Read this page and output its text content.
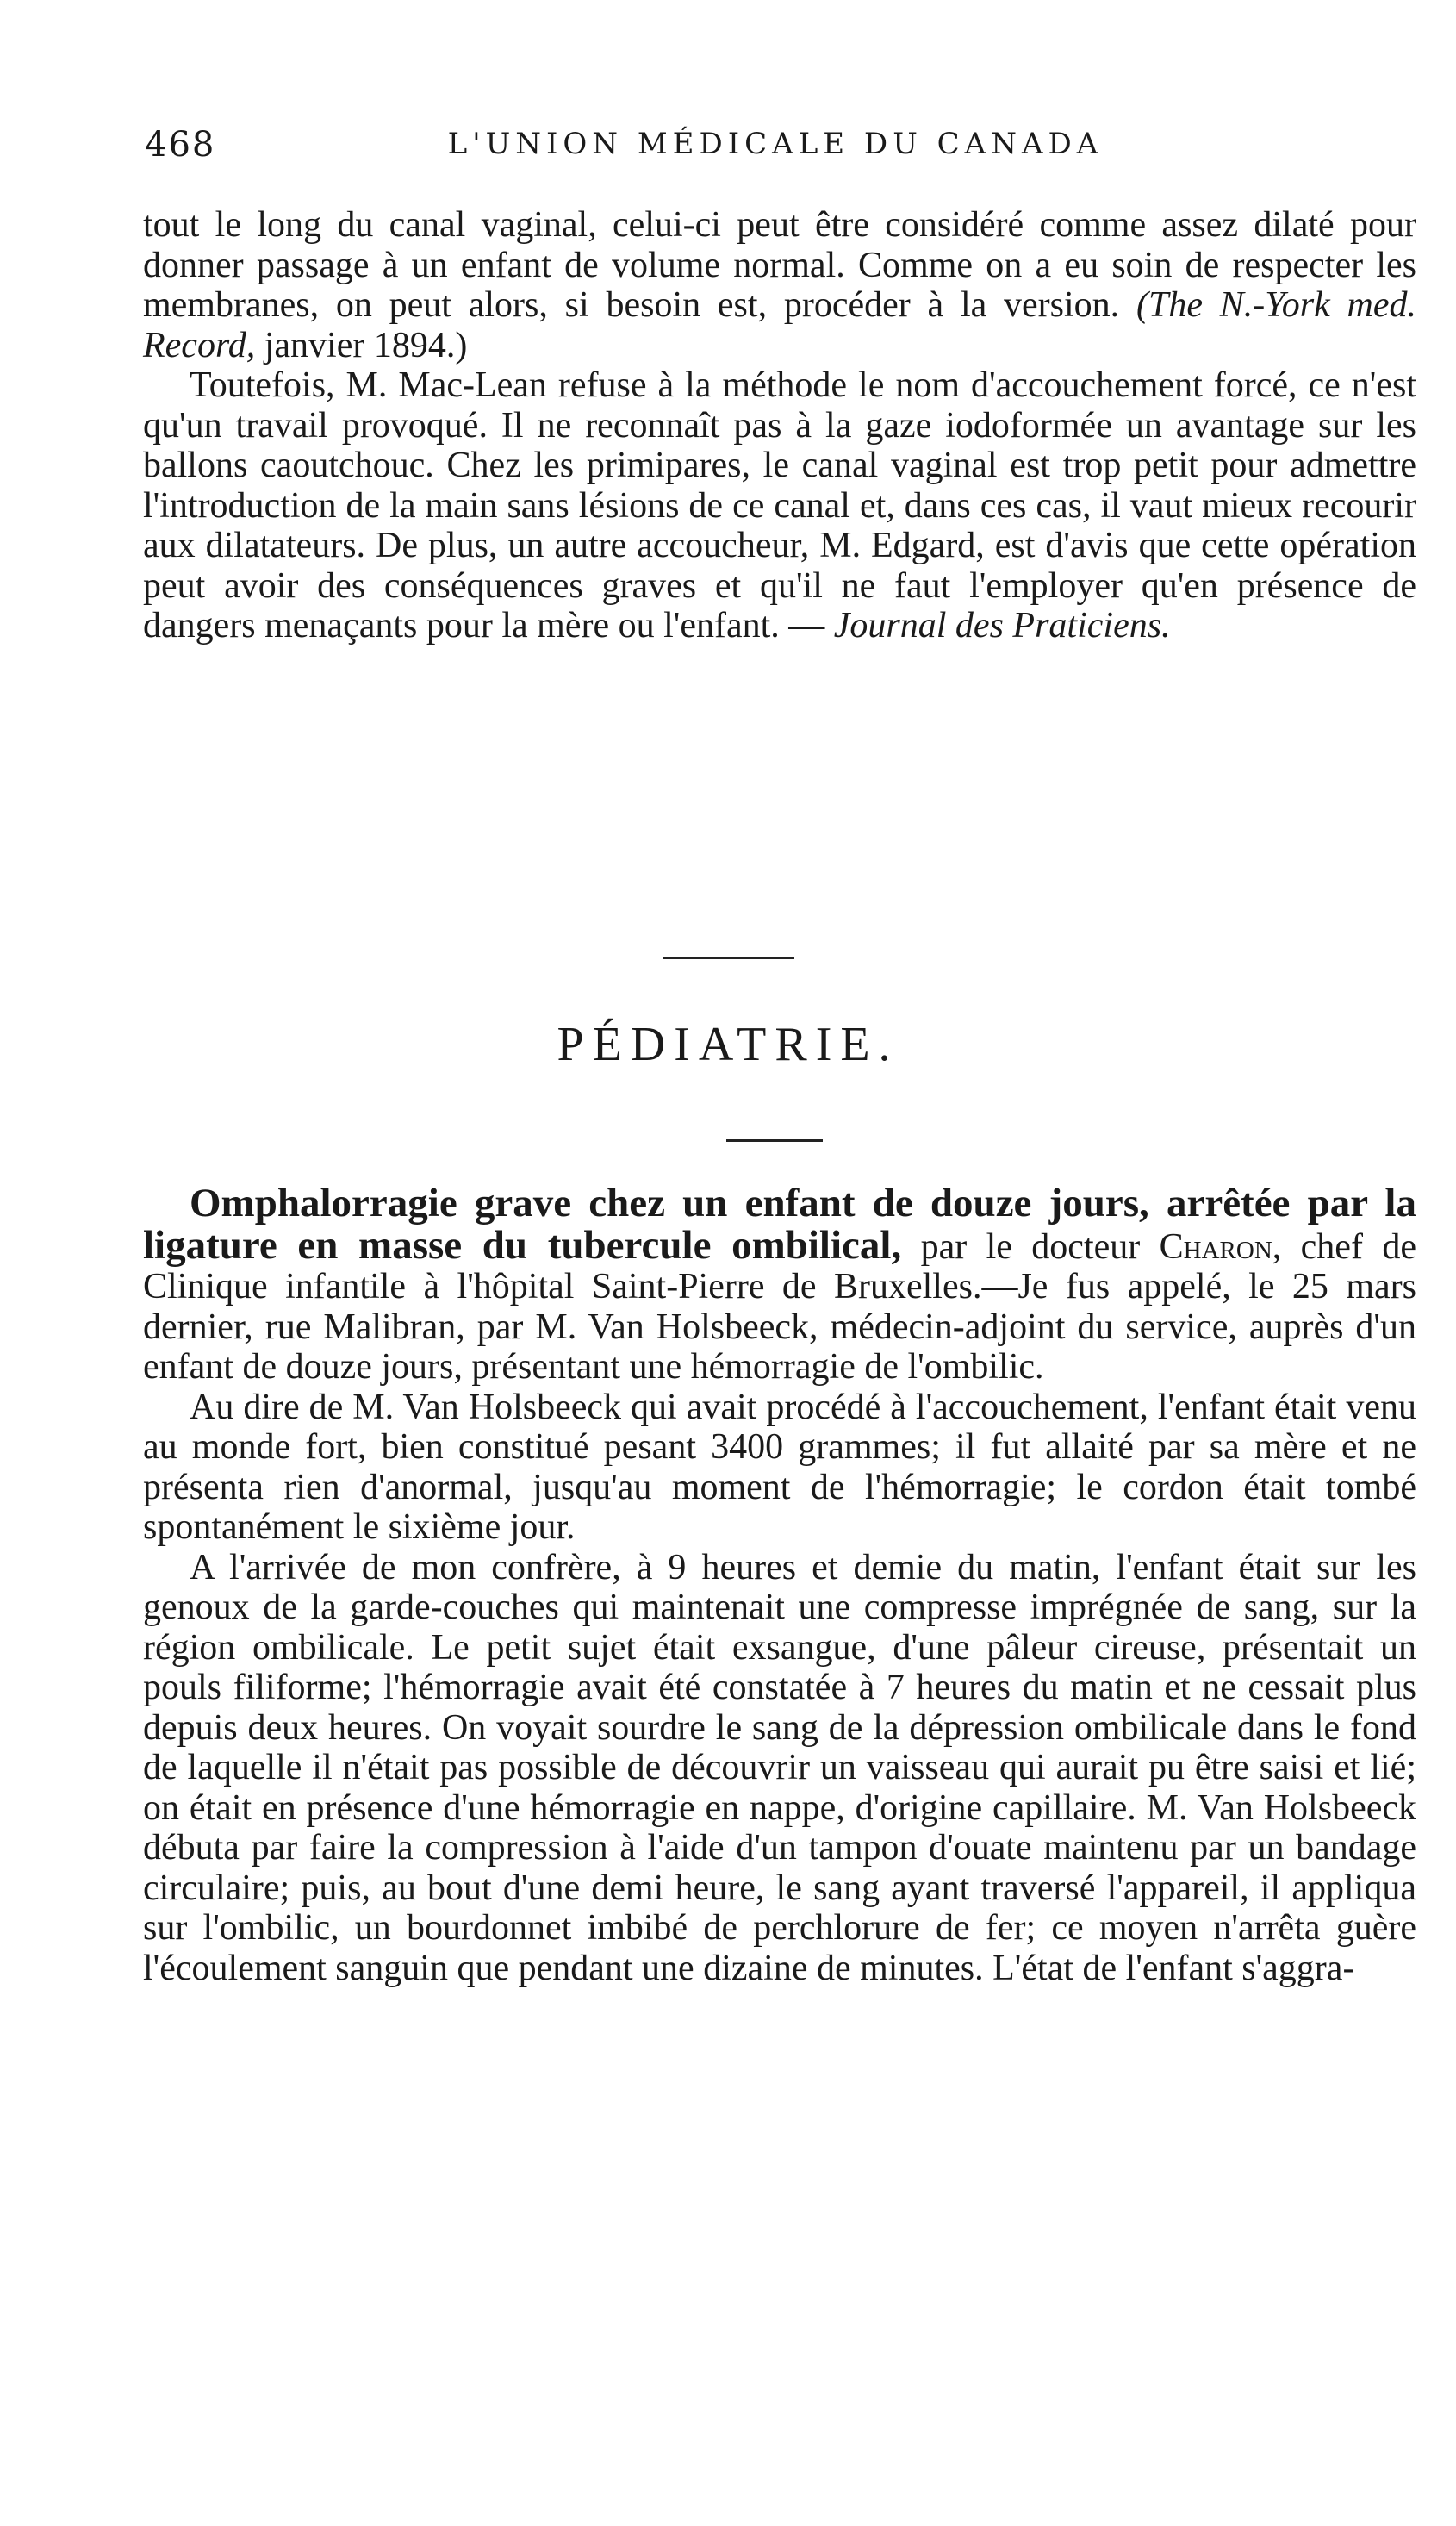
468	L'UNION MÉDICALE DU CANADA

tout le long du canal vaginal, celui-ci peut être considéré comme assez dilaté pour donner passage à un enfant de volume normal. Comme on a eu soin de respecter les membranes, on peut alors, si besoin est, procéder à la version. (The N.-York med. Record, janvier 1894.)

Toutefois, M. Mac-Lean refuse à la méthode le nom d'accouchement forcé, ce n'est qu'un travail provoqué. Il ne reconnaît pas à la gaze iodoformée un avantage sur les ballons caoutchouc. Chez les primipares, le canal vaginal est trop petit pour admettre l'introduction de la main sans lésions de ce canal et, dans ces cas, il vaut mieux recourir aux dilatateurs. De plus, un autre accoucheur, M. Edgard, est d'avis que cette opération peut avoir des conséquences graves et qu'il ne faut l'employer qu'en présence de dangers menaçants pour la mère ou l'enfant. — Journal des Praticiens.

PÉDIATRIE.

Omphalorragie grave chez un enfant de douze jours, arrêtée par la ligature en masse du tubercule ombilical, par le docteur Charon, chef de Clinique infantile à l'hôpital Saint-Pierre de Bruxelles.—Je fus appelé, le 25 mars dernier, rue Malibran, par M. Van Holsbeeck, médecin-adjoint du service, auprès d'un enfant de douze jours, présentant une hémorragie de l'ombilic.

Au dire de M. Van Holsbeeck qui avait procédé à l'accouchement, l'enfant était venu au monde fort, bien constitué pesant 3400 grammes; il fut allaité par sa mère et ne présenta rien d'anormal, jusqu'au moment de l'hémorragie; le cordon était tombé spontanément le sixième jour.

A l'arrivée de mon confrère, à 9 heures et demie du matin, l'enfant était sur les genoux de la garde-couches qui maintenait une compresse imprégnée de sang, sur la région ombilicale. Le petit sujet était exsangue, d'une pâleur cireuse, présentait un pouls filiforme; l'hémorragie avait été constatée à 7 heures du matin et ne cessait plus depuis deux heures. On voyait sourdre le sang de la dépression ombilicale dans le fond de laquelle il n'était pas possible de découvrir un vaisseau qui aurait pu être saisi et lié; on était en présence d'une hémorragie en nappe, d'origine capillaire. M. Van Holsbeeck débuta par faire la compression à l'aide d'un tampon d'ouate maintenu par un bandage circulaire; puis, au bout d'une demi heure, le sang ayant traversé l'appareil, il appliqua sur l'ombilic, un bourdonnet imbibé de perchlorure de fer; ce moyen n'arrêta guère l'écoulement sanguin que pendant une dizaine de minutes. L'état de l'enfant s'aggra-
